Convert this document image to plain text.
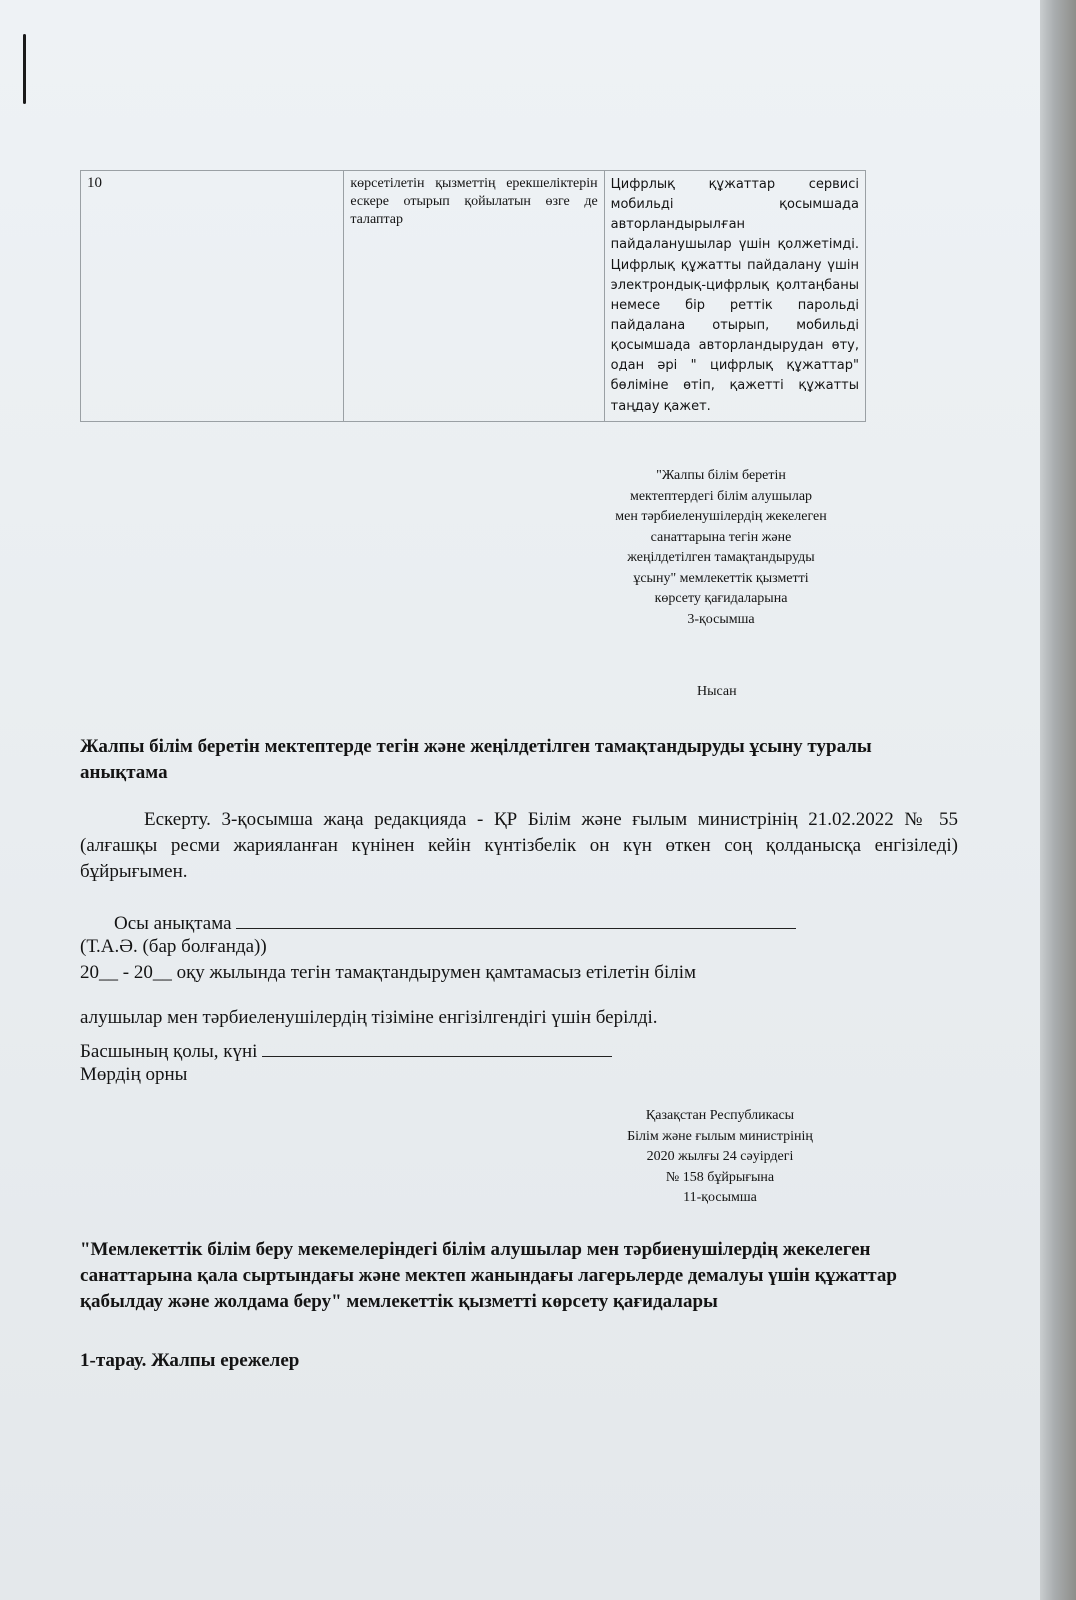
10	көрсетілетін қызметтің ерекшеліктерін ескере отырып қойылатын өзге де талаптар	Цифрлық құжаттар сервисі мобильді қосымшада авторландырылған пайдаланушылар үшін қолжетімді. Цифрлық құжатты пайдалану үшін электрондық-цифрлық қолтаңбаны немесе бір реттік парольді пайдалана отырып, мобильді қосымшада авторландырудан өту, одан әрі " цифрлық құжаттар" бөліміне өтіп, қажетті құжатты таңдау қажет.
"Жалпы білім беретін
мектептердегі білім алушылар
мен тәрбиеленушілердің жекелеген
санаттарына тегін және
жеңілдетілген тамақтандыруды
ұсыну" мемлекеттік қызметті
көрсету қағидаларына
3-қосымша
Нысан
Жалпы білім беретін мектептерде тегін және жеңілдетілген тамақтандыруды ұсыну туралы анықтама
Ескерту. 3-қосымша жаңа редакцияда - ҚР Білім және ғылым министрінің 21.02.2022 № 55 (алғашқы ресми жарияланған күнінен кейін күнтізбелік он күн өткен соң қолданысқа енгізіледі) бұйрығымен.
Осы анықтама
(Т.А.Ә. (бар болғанда))
20__ - 20__ оқу жылында тегін тамақтандырумен қамтамасыз етілетін білім
алушылар мен тәрбиеленушілердің тізіміне енгізілгендігі үшін берілді.
Басшының қолы, күні
Мөрдің орны
Қазақстан Республикасы
Білім және ғылым министрінің
2020 жылғы 24 сәуірдегі
№ 158 бұйрығына
11-қосымша
"Мемлекеттік білім беру мекемелеріндегі білім алушылар мен тәрбиенушілердің жекелеген санаттарына қала сыртындағы және мектеп жанындағы лагерьлерде демалуы үшін құжаттар қабылдау және жолдама беру" мемлекеттік қызметті көрсету қағидалары
1-тарау. Жалпы ережелер
